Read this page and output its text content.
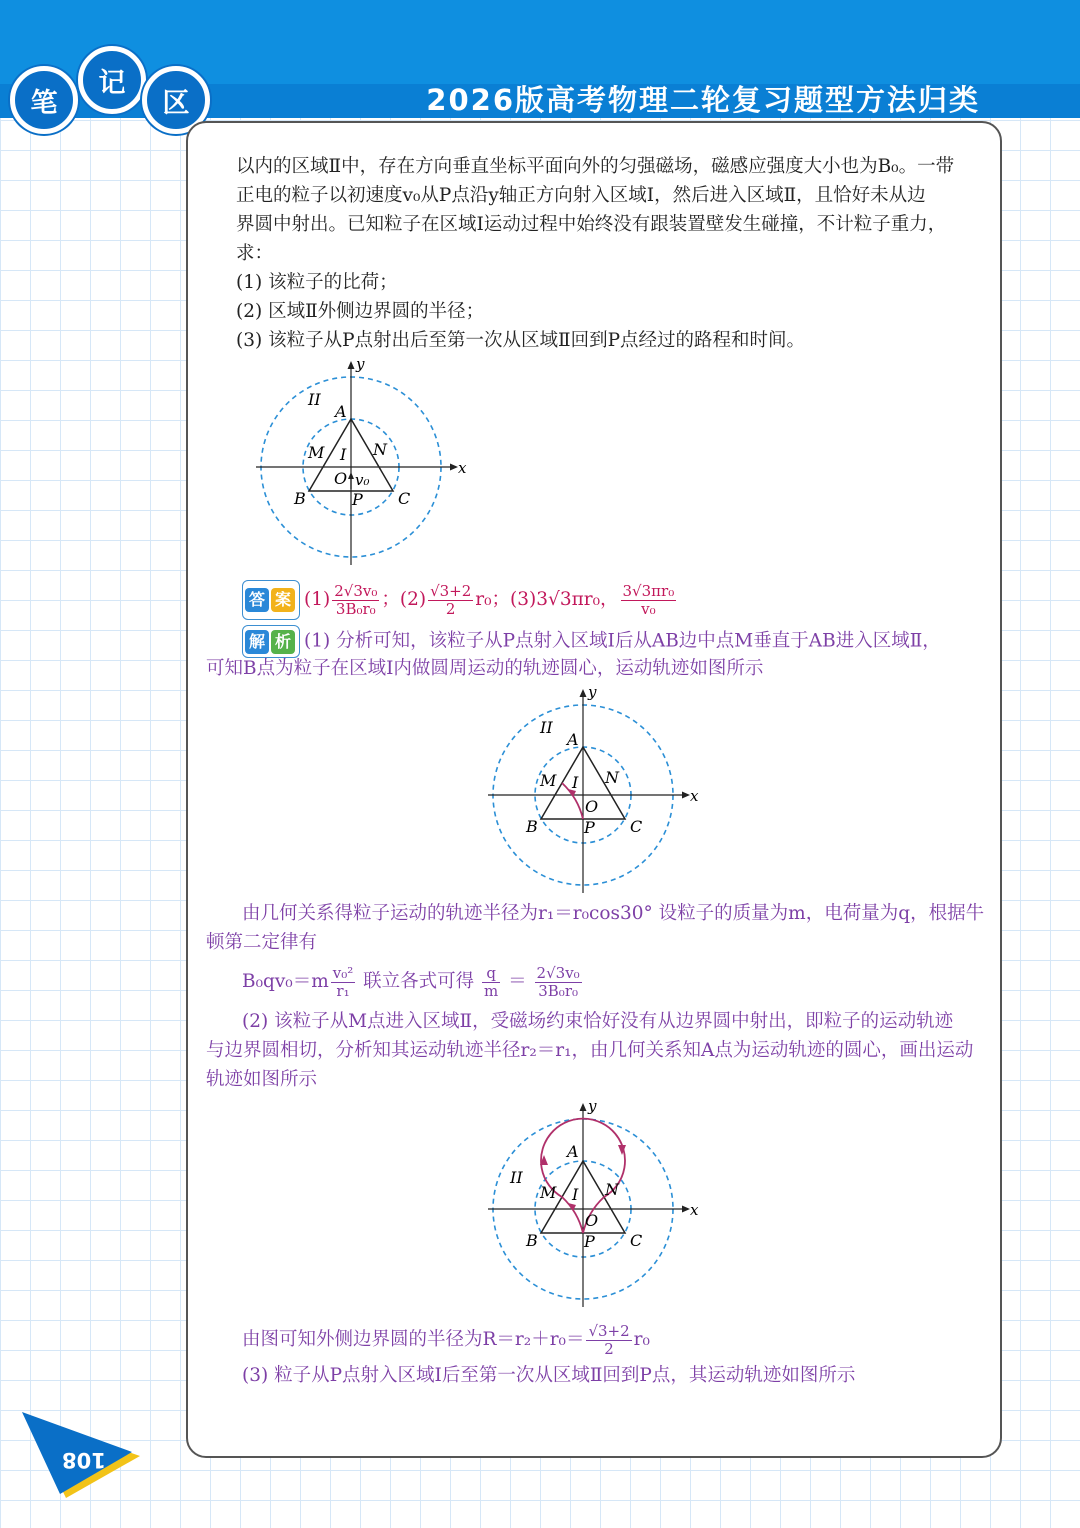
笔
记
区	2026版高考物理二轮复习题型方法归类
以内的区域Ⅱ中，存在方向垂直坐标平面向外的匀强磁场，磁感应强度大小也为B₀。一带
正电的粒子以初速度v₀从P点沿y轴正方向射入区域Ⅰ，然后进入区域Ⅱ，且恰好未从边
界圆中射出。已知粒子在区域Ⅰ运动过程中始终没有跟装置壁发生碰撞，不计粒子重力，
求：
(1) 该粒子的比荷；
(2) 区域Ⅱ外侧边界圆的半径；
(3) 该粒子从P点射出后至第一次从区域Ⅱ回到P点经过的路程和时间。
y
x
II
A
M I N
O v₀
B	P C
答 案 $(1) \frac{\text{2√3v₀}}{\text{3B₀r₀}}$ ；$(2) \frac{√3+2}{2} r_0$；(3)3√3πr₀， $\frac{\text{3√3πr₀}}{\text{v₀}}$
解 析 (1) 分析可知，该粒子从P点射入区域Ⅰ后从AB边中点M垂直于AB进入区域Ⅱ，
可知B点为粒子在区域Ⅰ内做圆周运动的轨迹圆心，运动轨迹如图所示
y
x
II
A
M I N
O
B	P C
由几何关系得粒子运动的轨迹半径为r₁＝r₀cos30° 设粒子的质量为m，电荷量为q，根据牛
顿第二定律有
$B_0qv_0=m \frac{\text{v₀²}}{\text{r₁}}$ 联立各式可得 $\frac{q}{m} = \frac{\text{2√3v₀}}{\text{3B₀r₀}}$
(2) 该粒子从M点进入区域Ⅱ，受磁场约束恰好没有从边界圆中射出，即粒子的运动轨迹
与边界圆相切，分析知其运动轨迹半径r₂＝r₁，由几何关系知A点为运动轨迹的圆心，画出运动
轨迹如图所示
y
x
II
A
M I N
O
B	P C
由图可知外侧边界圆的半径为$R=r_2+r_0= \frac{√3+2}{2} r_0$
(3) 粒子从P点射入区域Ⅰ后至第一次从区域Ⅱ回到P点，其运动轨迹如图所示
108
